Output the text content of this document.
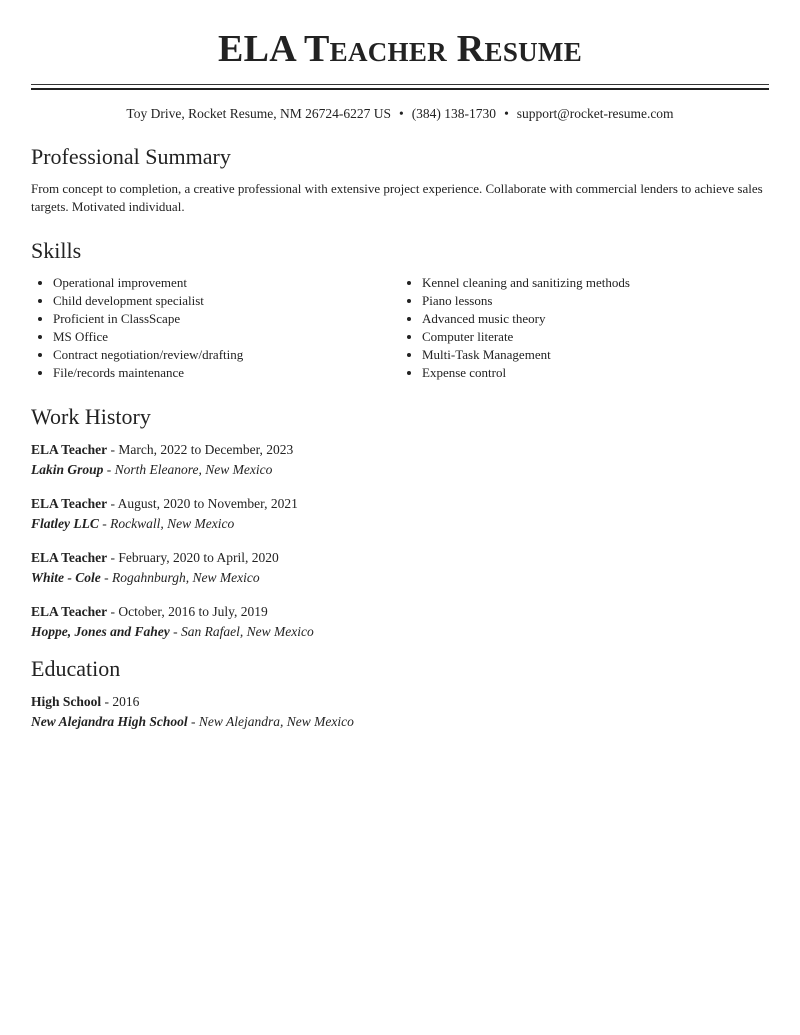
ELA Teacher Resume
Toy Drive, Rocket Resume, NM 26724-6227 US • (384) 138-1730 • support@rocket-resume.com
Professional Summary

From concept to completion, a creative professional with extensive project experience. Collaborate with commercial lenders to achieve sales targets. Motivated individual.

Skills
• Operational improvement
• Child development specialist
• Proficient in ClassScape
• MS Office
• Contract negotiation/review/drafting
• File/records maintenance
• Kennel cleaning and sanitizing methods
• Piano lessons
• Advanced music theory
• Computer literate
• Multi-Task Management
• Expense control
Work History
ELA Teacher - March, 2022 to December, 2023
Lakin Group - North Eleanore, New Mexico
ELA Teacher - August, 2020 to November, 2021
Flatley LLC - Rockwall, New Mexico
ELA Teacher - February, 2020 to April, 2020
White - Cole - Rogahnburgh, New Mexico
ELA Teacher - October, 2016 to July, 2019
Hoppe, Jones and Fahey - San Rafael, New Mexico
Education
High School - 2016
New Alejandra High School - New Alejandra, New Mexico
